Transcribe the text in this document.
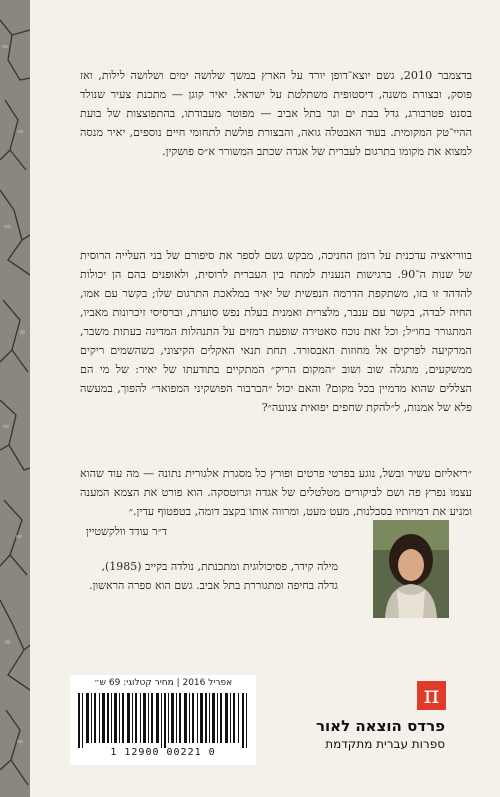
בדצמבר 2010, גשם יוצא־דופן יורד על הארץ במשך שלושה ימים ושלושה לילות, ואז פוסק, ובצורת משנה, דיסטופית משתלטת על ישראל. יאיר קוגן — מתכנת צעיר שנולד בסנט פטרבורג, גדל בבת ים וגר בתל אביב — מפוטר מעבודתו, בהתפוצצות של בועת ההיי־טק המקומית. בעוד האבטלה גואה, והבצורת פולשת לתחומי חיים נוספים, יאיר מנסה למצוא את מקומו בתרגום לעברית של אגדה שכתב המשורר א״ס פושקין.
בווריאציה עדכנית על רומן החניכה, מבקש גשם לספר את סיפורם של בני העלייה הרוסית של שנות ה־90. ברגישות הנענית למתח בין העברית לרוסית, ולאופנים בהם הן יכולות להדהד זו בזו, משתקפת הדרמה הנפשית של יאיר במלאכת התרגום שלו; בקשר עם אמו, החיה לבדה, בקשר עם ענבר, מלצרית ואמנית בעלת נפש סוערת, וברסיסי זיכרונות מאביו, המתגורר בחו״ל; וכל זאת נוכח סאטירה שופעת רמזים על התנהלות המדינה בעתות משבר, המרקיעה לפרקים אל מחוזות האבסורד. תחת תנאי האקלים הקיצוני, כשהשמים ריקים ממשקעים, מתגלה שוב ושוב ״המקום הריק״ המתקיים בתודעתו של יאיר: של מי הם הצללים שהוא מדמיין בכל מקום? והאם יכול ״הברבור הפושקיני המפואר״ להפוך, במעשה פלא של אמנות, ל״להקת שחפים יפוּאית צנועה״?
״ריאליזם עשיר ובשל, נוגע בפרטי פרטים ופורץ כל מסגרת אלגורית נתונה — מה עוד שהוא עצמו נפרץ פה ושם לביקורים מטלטלים של אגדה וגרוטסקה. הוא פורט את הצמא המענה ומניע את דמויותיו בסבלנות, מעט מעט, ומרווה אותו בקצב דומה, בטפטוף עדין.״
ד״ר עודד וולקשטיין
מילה קידר, פסיכולוגית ומתכנתת, נולדה בקייב (1985), גדלה בחיפה ומתגוררת בתל אביב. גשם הוא ספרה הראשון.
אפריל 2016 | מחיר קטלוגי: 69 ש״
1 12900 00221 0
π
פרדס הוצאה לאור
ספרות עברית מתקדמת
